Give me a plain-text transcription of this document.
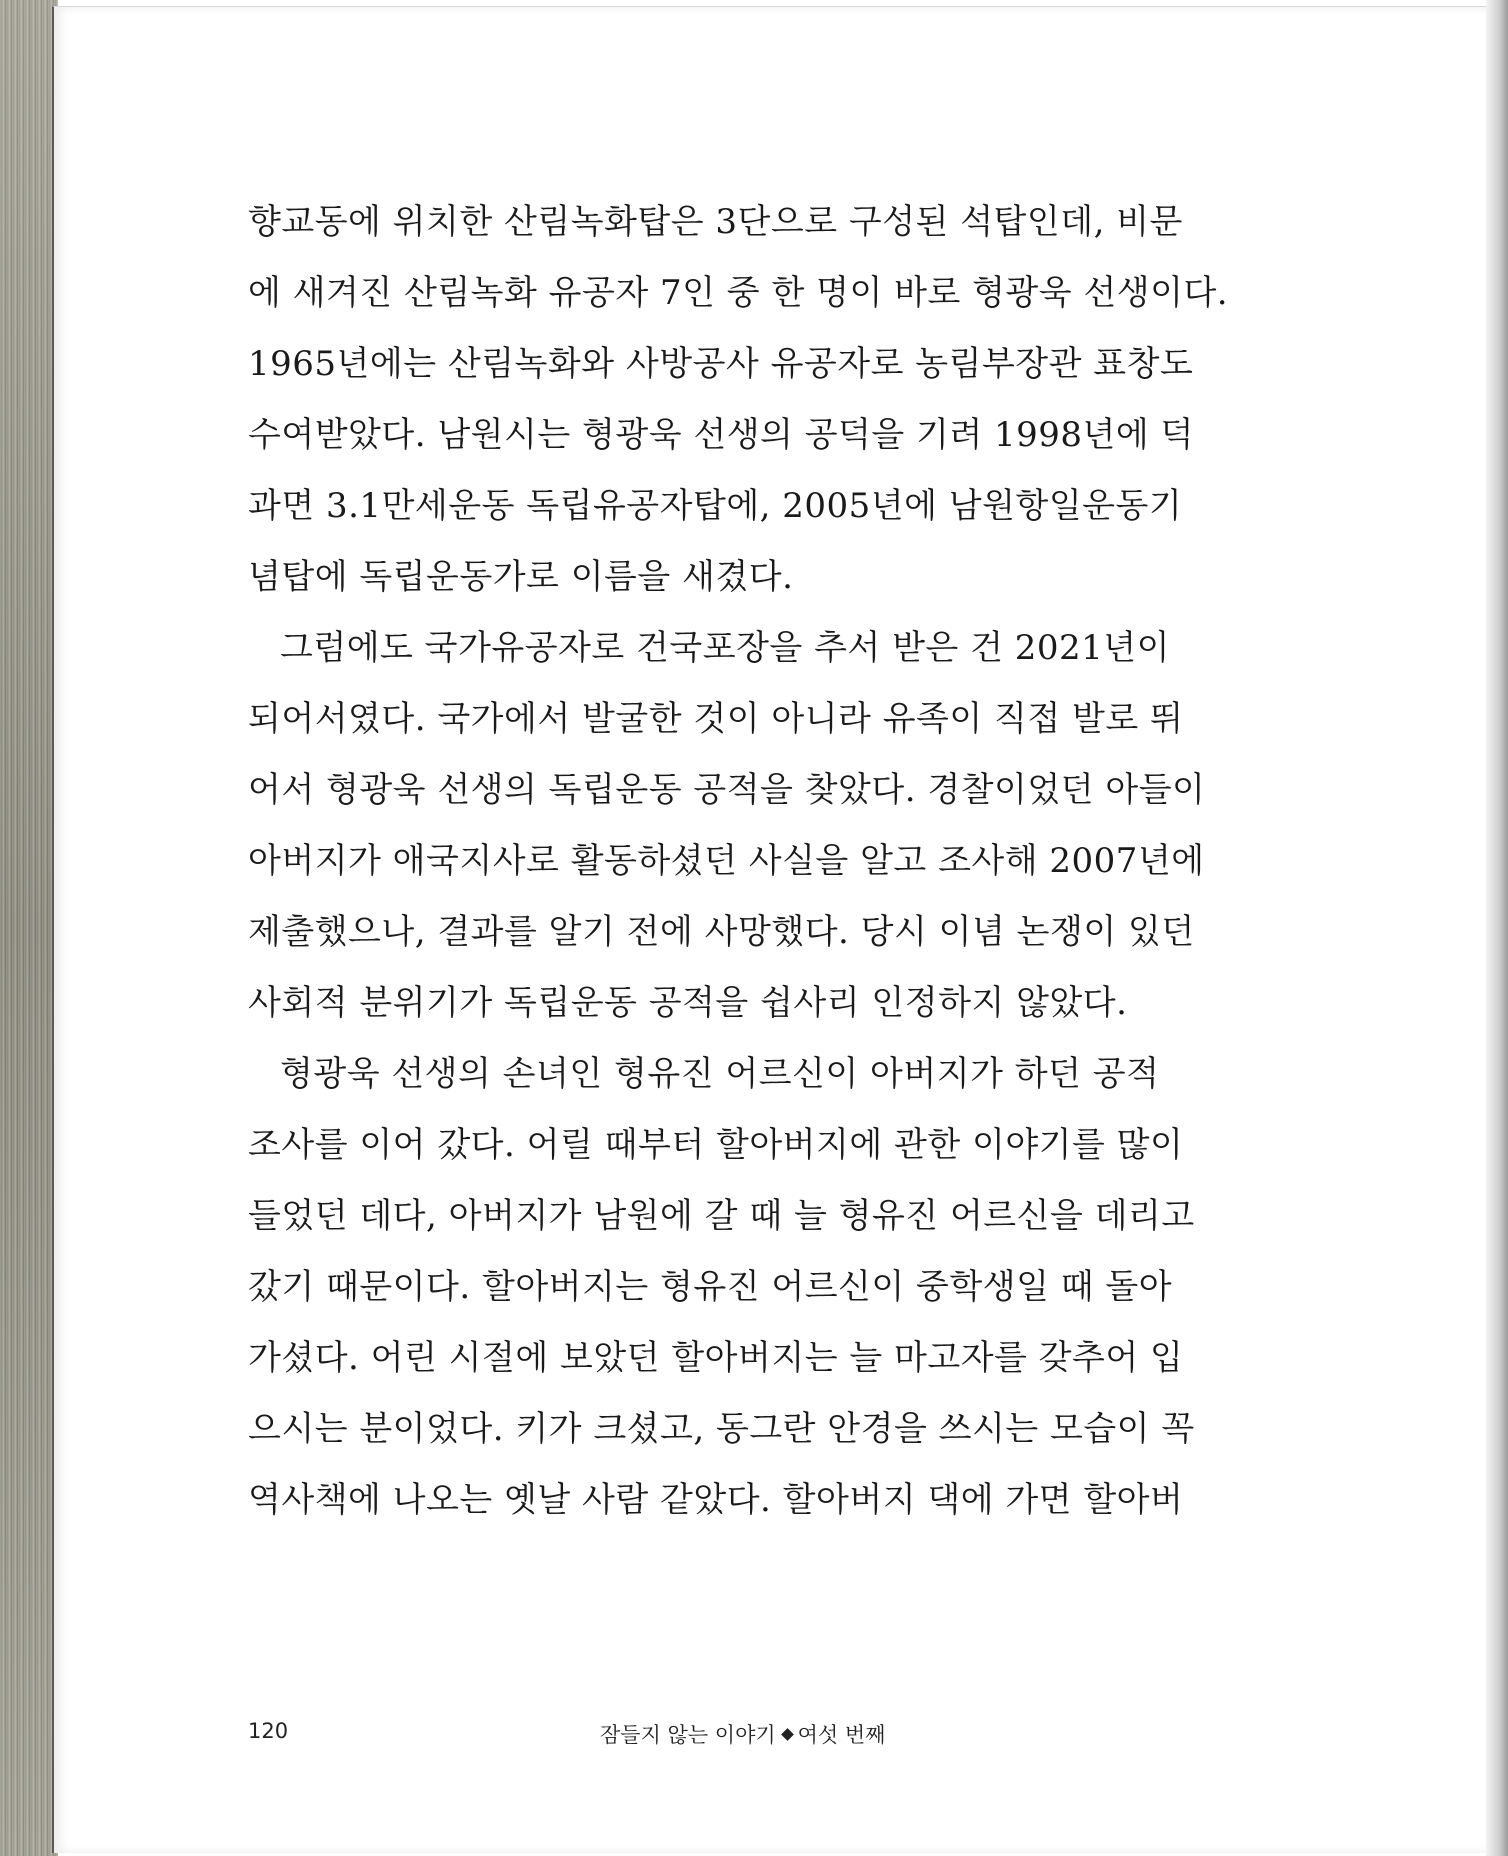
향교동에 위치한 산림녹화탑은 3단으로 구성된 석탑인데, 비문
에 새겨진 산림녹화 유공자 7인 중 한 명이 바로 형광욱 선생이다.
1965년에는 산림녹화와 사방공사 유공자로 농림부장관 표창도
수여받았다. 남원시는 형광욱 선생의 공덕을 기려 1998년에 덕
과면 3.1만세운동 독립유공자탑에, 2005년에 남원항일운동기
념탑에 독립운동가로 이름을 새겼다.
그럼에도 국가유공자로 건국포장을 추서 받은 건 2021년이
되어서였다. 국가에서 발굴한 것이 아니라 유족이 직접 발로 뛰
어서 형광욱 선생의 독립운동 공적을 찾았다. 경찰이었던 아들이
아버지가 애국지사로 활동하셨던 사실을 알고 조사해 2007년에
제출했으나, 결과를 알기 전에 사망했다. 당시 이념 논쟁이 있던
사회적 분위기가 독립운동 공적을 쉽사리 인정하지 않았다.
형광욱 선생의 손녀인 형유진 어르신이 아버지가 하던 공적
조사를 이어 갔다. 어릴 때부터 할아버지에 관한 이야기를 많이
들었던 데다, 아버지가 남원에 갈 때 늘 형유진 어르신을 데리고
갔기 때문이다. 할아버지는 형유진 어르신이 중학생일 때 돌아
가셨다. 어린 시절에 보았던 할아버지는 늘 마고자를 갖추어 입
으시는 분이었다. 키가 크셨고, 동그란 안경을 쓰시는 모습이 꼭
역사책에 나오는 옛날 사람 같았다. 할아버지 댁에 가면 할아버
120	잠들지 않는 이야기 여섯 번째
